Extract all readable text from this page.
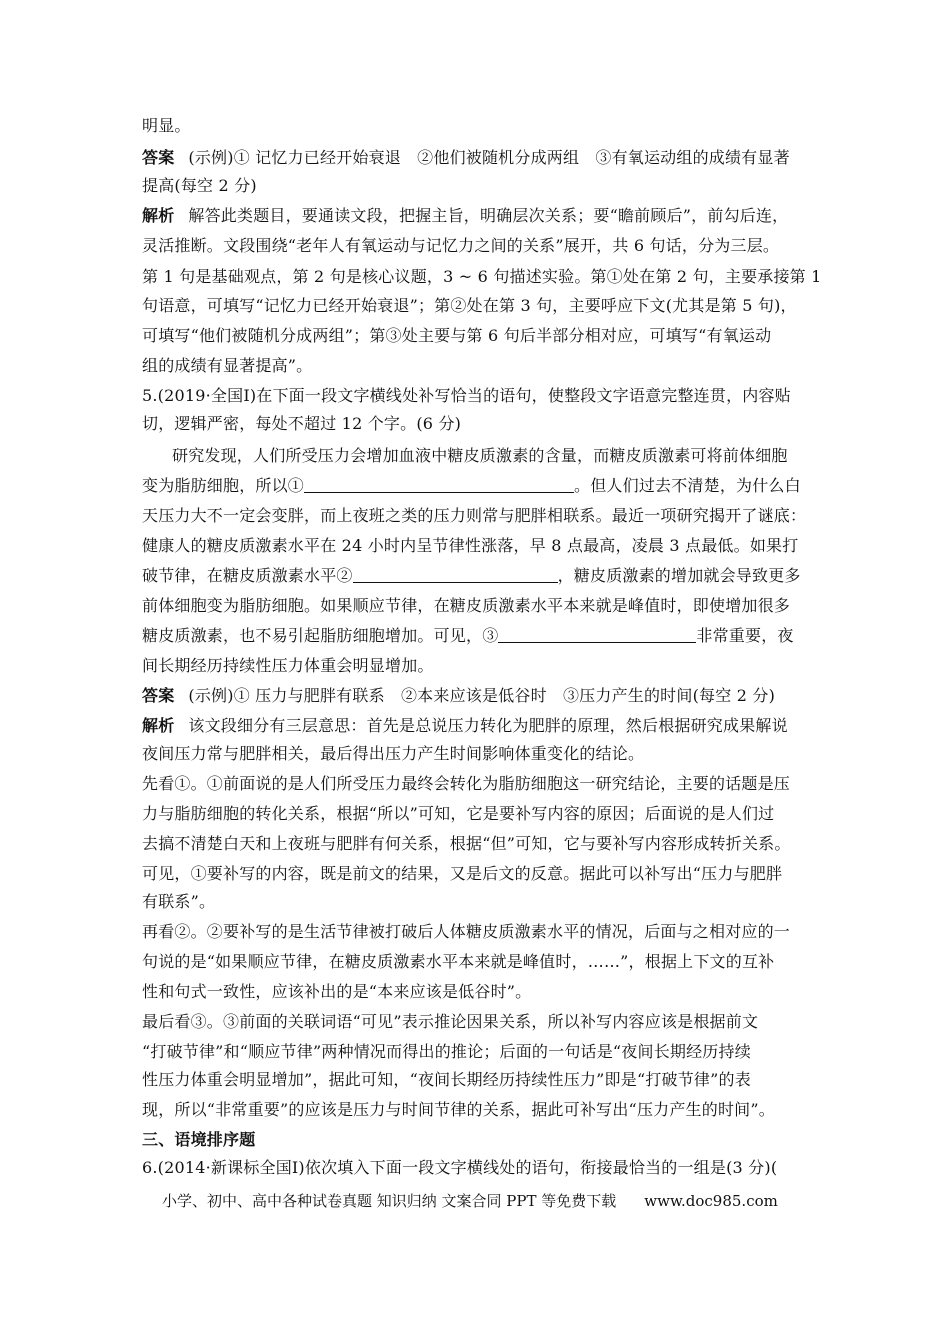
明显。
答案 (示例)① 记忆力已经开始衰退　②他们被随机分成两组　③有氧运动组的成绩有显著
提高(每空 2 分)
解析 解答此类题目，要通读文段，把握主旨，明确层次关系；要“瞻前顾后”，前勾后连，
灵活推断。文段围绕“老年人有氧运动与记忆力之间的关系”展开，共 6 句话，分为三层。
第 1 句是基础观点，第 2 句是核心议题，3 ~ 6 句描述实验。第①处在第 2 句，主要承接第 1
句语意，可填写“记忆力已经开始衰退”；第②处在第 3 句，主要呼应下文(尤其是第 5 句)，
可填写“他们被随机分成两组”；第③处主要与第 6 句后半部分相对应，可填写“有氧运动
组的成绩有显著提高”。
5.(2019·全国Ⅰ)在下面一段文字横线处补写恰当的语句，使整段文字语意完整连贯，内容贴
切，逻辑严密，每处不超过 12 个字。(6 分)
研究发现，人们所受压力会增加血液中糖皮质激素的含量，而糖皮质激素可将前体细胞
变为脂肪细胞，所以①	。但人们过去不清楚，为什么白
天压力大不一定会变胖，而上夜班之类的压力则常与肥胖相联系。最近一项研究揭开了谜底：
健康人的糖皮质激素水平在 24 小时内呈节律性涨落，早 8 点最高，凌晨 3 点最低。如果打
破节律，在糖皮质激素水平②	，糖皮质激素的增加就会导致更多
前体细胞变为脂肪细胞。如果顺应节律，在糖皮质激素水平本来就是峰值时，即使增加很多
糖皮质激素，也不易引起脂肪细胞增加。可见，③	非常重要，夜
间长期经历持续性压力体重会明显增加。
答案 (示例)① 压力与肥胖有联系　②本来应该是低谷时　③压力产生的时间(每空 2 分)
解析 该文段细分有三层意思：首先是总说压力转化为肥胖的原理，然后根据研究成果解说
夜间压力常与肥胖相关，最后得出压力产生时间影响体重变化的结论。
先看①。①前面说的是人们所受压力最终会转化为脂肪细胞这一研究结论，主要的话题是压
力与脂肪细胞的转化关系，根据“所以”可知，它是要补写内容的原因；后面说的是人们过
去搞不清楚白天和上夜班与肥胖有何关系，根据“但”可知，它与要补写内容形成转折关系。
可见，①要补写的内容，既是前文的结果，又是后文的反意。据此可以补写出“压力与肥胖
有联系”。
再看②。②要补写的是生活节律被打破后人体糖皮质激素水平的情况，后面与之相对应的一
句说的是“如果顺应节律，在糖皮质激素水平本来就是峰值时，……”，根据上下文的互补
性和句式一致性，应该补出的是“本来应该是低谷时”。
最后看③。③前面的关联词语“可见”表示推论因果关系，所以补写内容应该是根据前文
“打破节律”和“顺应节律”两种情况而得出的推论；后面的一句话是“夜间长期经历持续
性压力体重会明显增加”，据此可知，“夜间长期经历持续性压力”即是“打破节律”的表
现，所以“非常重要”的应该是压力与时间节律的关系，据此可补写出“压力产生的时间”。
三、语境排序题
6.(2014·新课标全国Ⅰ)依次填入下面一段文字横线处的语句，衔接最恰当的一组是(3 分)(
小学、初中、高中各种试卷真题 知识归纳 文案合同 PPT 等免费下载 www.doc985.com
